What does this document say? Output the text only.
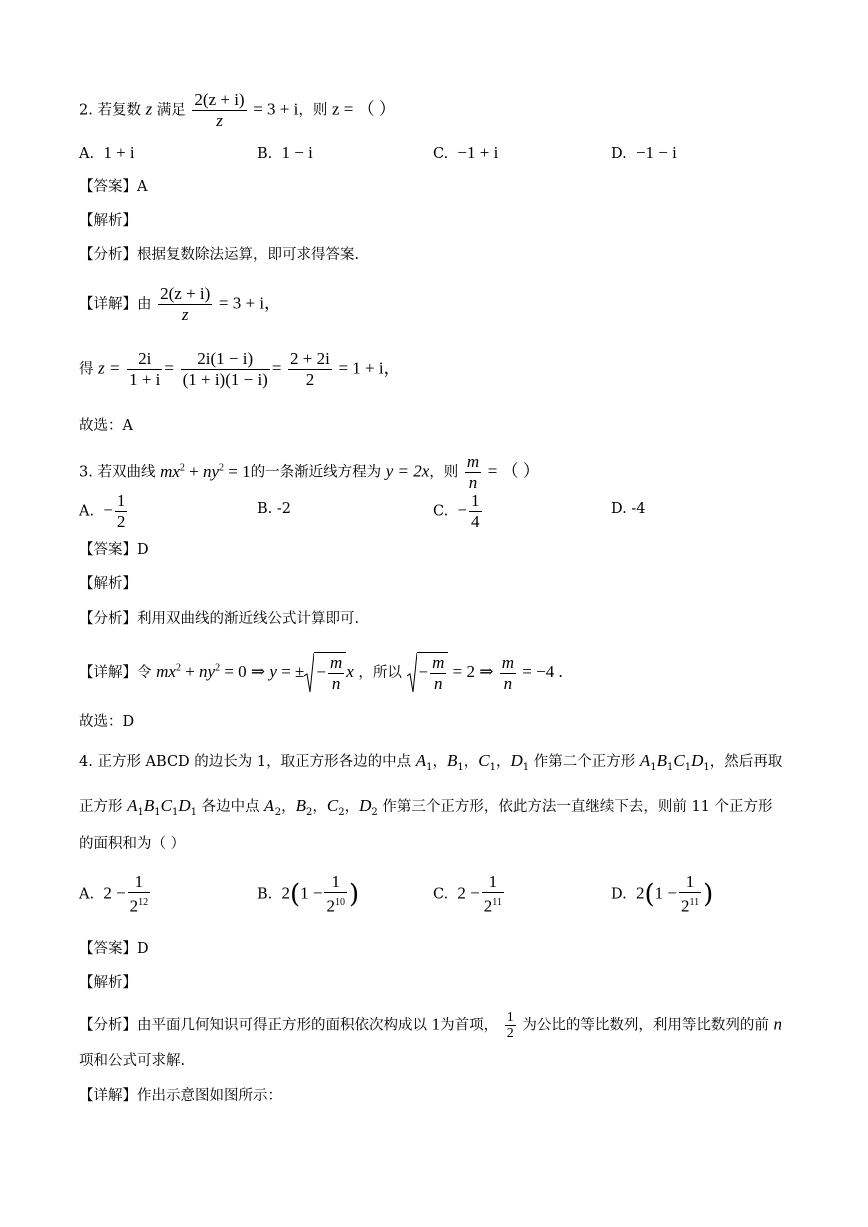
2. 若复数 z 满足 $\frac{2(z + i)}{z} = 3 + i$，则 z = （ ）
A. 1 + i	B. 1 − i	C. −1 + i	D. −1 − i
【答案】A
【解析】
【分析】根据复数除法运算，即可求得答案.
【详解】由 $\frac{2(z + i)}{z} = 3 + i$，
得 $z = \frac{2i}{1 + i} = \frac{2i(1 - i)}{(1 + i)(1 - i)} = \frac{2 + 2i}{2} = 1 + i$，
故选：A
3. 若双曲线 $mx^2 + ny^2 = 1$的一条渐近线方程为 y = 2x，则 $\frac{m}{n}$ = （ ）
A. − $\frac{1}{2}$	B. -2	C. − $\frac{1}{4}$	D. -4
【答案】D
【解析】
【分析】利用双曲线的渐近线公式计算即可.
【详解】令 $mx^2 + ny^2 = 0$ ⇒ y = ± − $\frac{m}{n}$ x ，所以 − $\frac{m}{n} = 2$ ⇒ $\frac{m}{n} = -4$ .
故选：D
4. 正方形 ABCD 的边长为 1，取正方形各边的中点 $A_1$，$B_1$，$C_1$，$D_1$ 作第二个正方形 $A_1B_1C_1D_1$，然后再取
正方形 $A_1B_1C_1D_1$ 各边中点 $A_2$，$B_2$，$C_2$，$D_2$ 作第三个正方形，依此方法一直继续下去，则前 11 个正方形
的面积和为（ ）
A. $2 - \frac{1}{2^{12}}$	B. $2(1 - \frac{1}{2^{10}}$ )	C. $2 - \frac{1}{2^{11}}$	D. $2(1 - \frac{1}{2^{11}}$ )
【答案】D
【解析】
【分析】由平面几何知识可得正方形的面积依次构成以 1为首项， $\frac{1}{2}$ 为公比的等比数列，利用等比数列的前 n
项和公式可求解.
【详解】作出示意图如图所示：
